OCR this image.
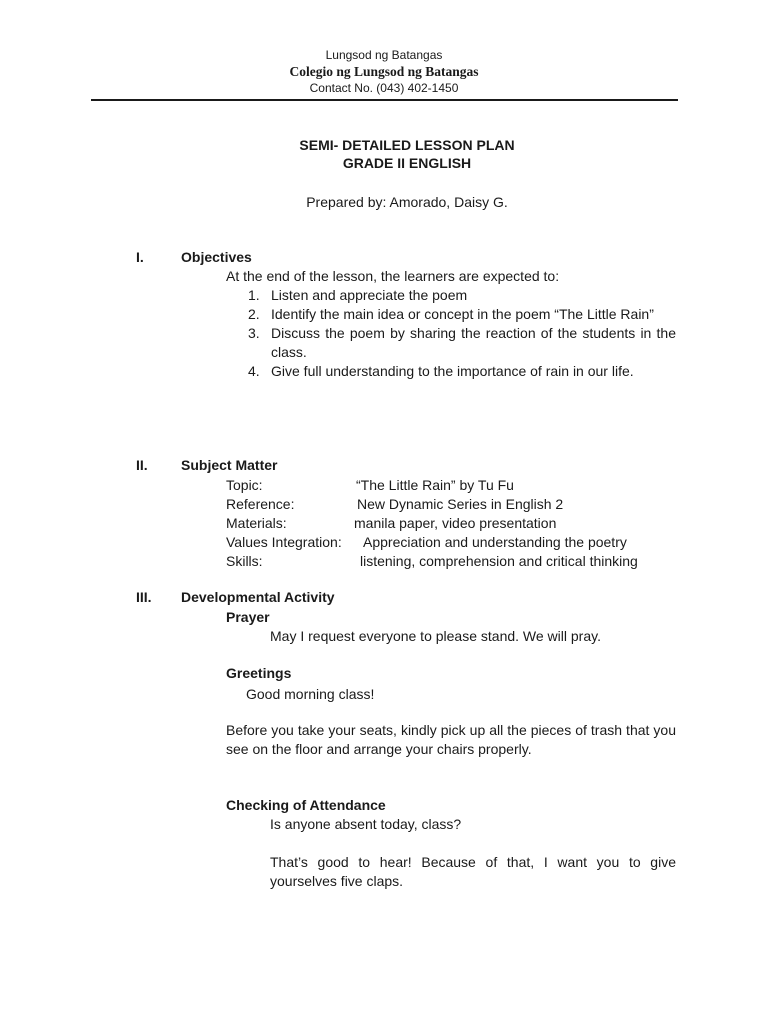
Lungsod ng Batangas
Colegio ng Lungsod ng Batangas
Contact No. (043) 402-1450
SEMI- DETAILED LESSON PLAN
GRADE II ENGLISH
Prepared by: Amorado, Daisy G.
I.	Objectives
At the end of the lesson, the learners are expected to:
1. Listen and appreciate the poem
2. Identify the main idea or concept in the poem “The Little Rain”
3. Discuss the poem by sharing the reaction of the students in the class.
4. Give full understanding to the importance of rain in our life.
II. Subject Matter
Topic:	“The Little Rain” by Tu Fu
Reference:	New Dynamic Series in English 2
Materials:	manila paper, video presentation
Values Integration: Appreciation and understanding the poetry
Skills:	listening, comprehension and critical thinking
III. Developmental Activity
Prayer
May I request everyone to please stand. We will pray.
Greetings
Good morning class!
Before you take your seats, kindly pick up all the pieces of trash that you see on the floor and arrange your chairs properly.
Checking of Attendance
Is anyone absent today, class?
That’s good to hear! Because of that, I want you to give yourselves five claps.
